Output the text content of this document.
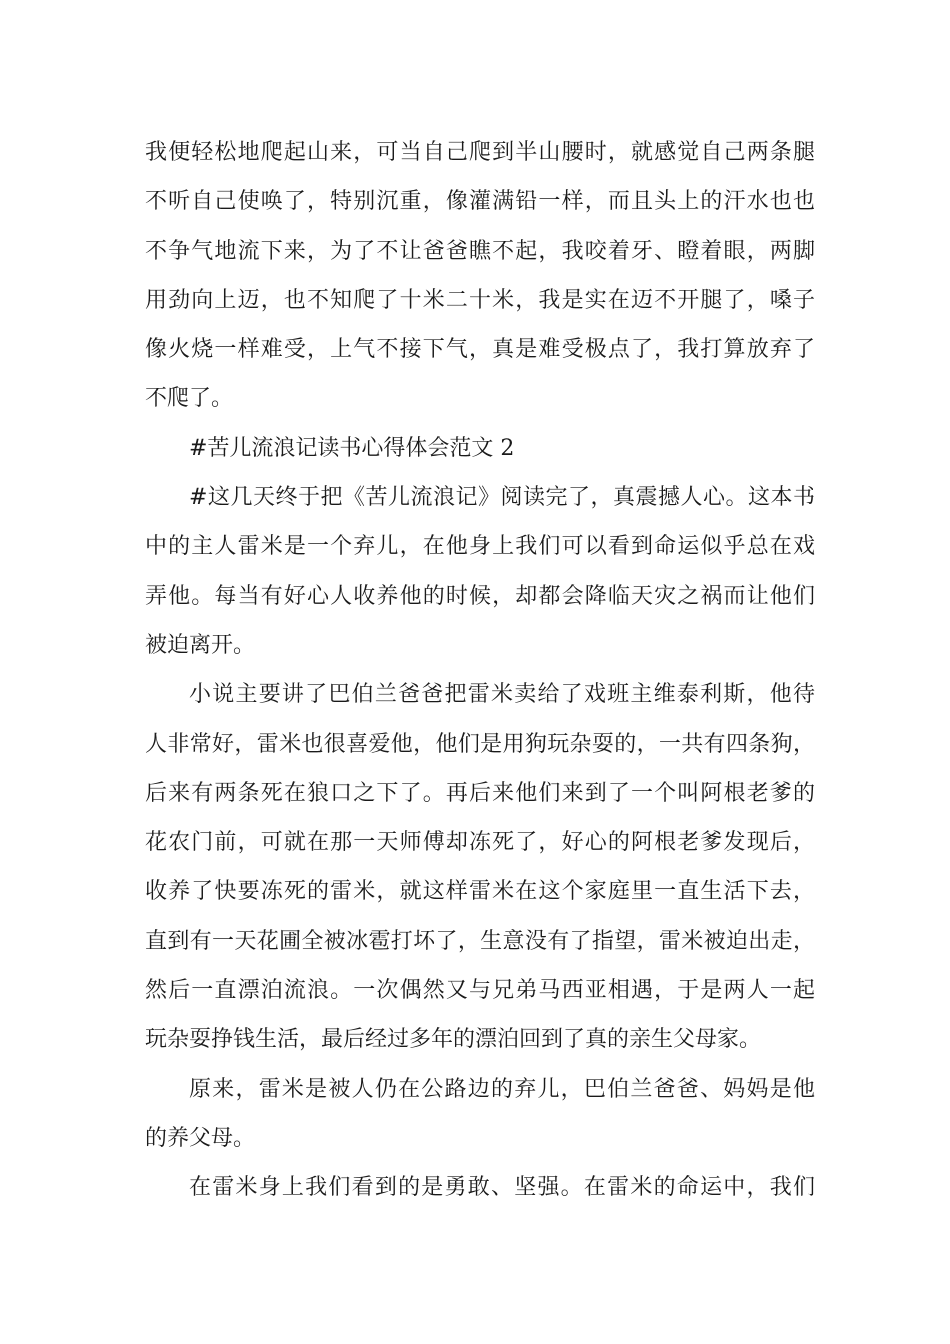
我便轻松地爬起山来，可当自己爬到半山腰时，就感觉自己两条腿
不听自己使唤了，特别沉重，像灌满铅一样，而且头上的汗水也也
不争气地流下来，为了不让爸爸瞧不起，我咬着牙、瞪着眼，两脚
用劲向上迈，也不知爬了十米二十米，我是实在迈不开腿了，嗓子
像火烧一样难受，上气不接下气，真是难受极点了，我打算放弃了
不爬了。
#苦儿流浪记读书心得体会范文 2
#这几天终于把《苦儿流浪记》阅读完了，真震撼人心。这本书
中的主人雷米是一个弃儿，在他身上我们可以看到命运似乎总在戏
弄他。每当有好心人收养他的时候，却都会降临天灾之祸而让他们
被迫离开。
小说主要讲了巴伯兰爸爸把雷米卖给了戏班主维泰利斯，他待
人非常好，雷米也很喜爱他，他们是用狗玩杂耍的，一共有四条狗，
后来有两条死在狼口之下了。再后来他们来到了一个叫阿根老爹的
花农门前，可就在那一天师傅却冻死了，好心的阿根老爹发现后，
收养了快要冻死的雷米，就这样雷米在这个家庭里一直生活下去，
直到有一天花圃全被冰雹打坏了，生意没有了指望，雷米被迫出走，
然后一直漂泊流浪。一次偶然又与兄弟马西亚相遇，于是两人一起
玩杂耍挣钱生活，最后经过多年的漂泊回到了真的亲生父母家。
原来，雷米是被人仍在公路边的弃儿，巴伯兰爸爸、妈妈是他
的养父母。
在雷米身上我们看到的是勇敢、坚强。在雷米的命运中，我们
